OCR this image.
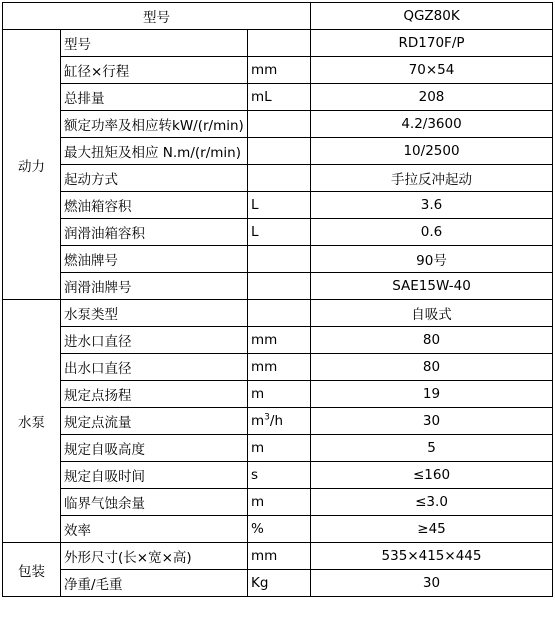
型号			QGZ80K
动力	型号		RD170F/P
	缸径×行程	mm	70×54
	总排量	mL	208
	额定功率及相应转kW/(r/min)		4.2/3600
	最大扭矩及相应 N.m/(r/min)		10/2500
	起动方式		手拉反冲起动
	燃油箱容积	L	3.6
	润滑油箱容积	L	0.6
	燃油牌号		90号
	润滑油牌号		SAE15W-40
水泵	水泵类型		自吸式
	进水口直径	mm	80
	出水口直径	mm	80
	规定点扬程	m	19
	规定点流量	$m^3/h$	30
	规定自吸高度	m	5
	规定自吸时间	s	≤160
	临界气蚀余量	m	≤3.0
	效率	%	≥45
包装	外形尺寸(长×宽×高)	mm	535×415×445
	净重/毛重	Kg	30
